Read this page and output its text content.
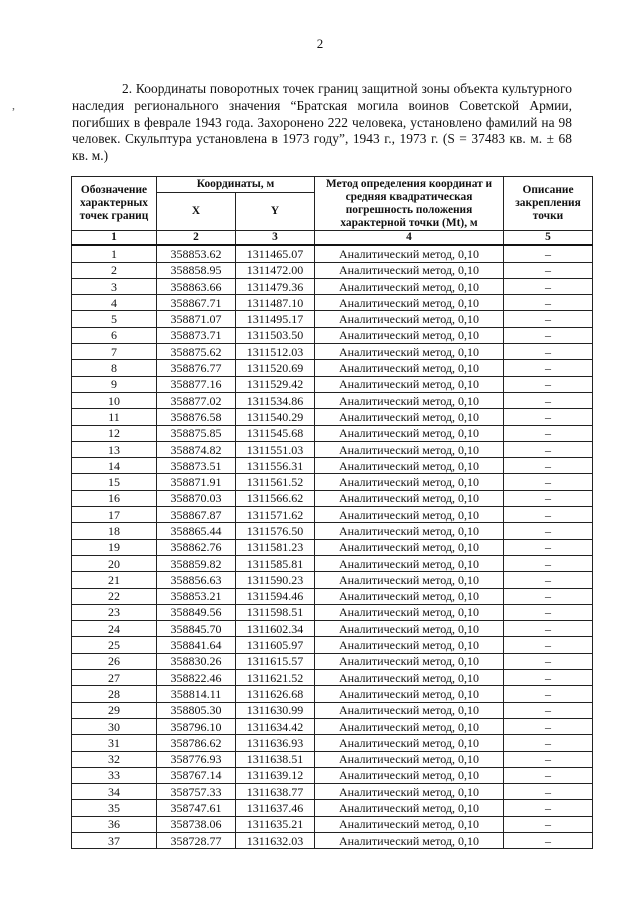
2
,

2. Координаты поворотных точек границ защитной зоны объекта культурного наследия регионального значения “Братская могила воинов Советской Армии, погибших в феврале 1943 года. Захоронено 222 человека, установлено фамилий на 98 человек. Скульптура установлена в 1973 году”, 1943 г., 1973 г. (S = 37483 кв. м. ± 68 кв. м.)

Обозначение характерных точек границ	Координаты, м		Метод определения координат и средняя квадратическая погрешность положения характерной точки (Мt), м	Описание закрепления точки
	X	Y		
1	2	3	4	5
1	358853.62	1311465.07	Аналитический метод, 0,10	–
2	358858.95	1311472.00	Аналитический метод, 0,10	–
3	358863.66	1311479.36	Аналитический метод, 0,10	–
4	358867.71	1311487.10	Аналитический метод, 0,10	–
5	358871.07	1311495.17	Аналитический метод, 0,10	–
6	358873.71	1311503.50	Аналитический метод, 0,10	–
7	358875.62	1311512.03	Аналитический метод, 0,10	–
8	358876.77	1311520.69	Аналитический метод, 0,10	–
9	358877.16	1311529.42	Аналитический метод, 0,10	–
10	358877.02	1311534.86	Аналитический метод, 0,10	–
11	358876.58	1311540.29	Аналитический метод, 0,10	–
12	358875.85	1311545.68	Аналитический метод, 0,10	–
13	358874.82	1311551.03	Аналитический метод, 0,10	–
14	358873.51	1311556.31	Аналитический метод, 0,10	–
15	358871.91	1311561.52	Аналитический метод, 0,10	–
16	358870.03	1311566.62	Аналитический метод, 0,10	–
17	358867.87	1311571.62	Аналитический метод, 0,10	–
18	358865.44	1311576.50	Аналитический метод, 0,10	–
19	358862.76	1311581.23	Аналитический метод, 0,10	–
20	358859.82	1311585.81	Аналитический метод, 0,10	–
21	358856.63	1311590.23	Аналитический метод, 0,10	–
22	358853.21	1311594.46	Аналитический метод, 0,10	–
23	358849.56	1311598.51	Аналитический метод, 0,10	–
24	358845.70	1311602.34	Аналитический метод, 0,10	–
25	358841.64	1311605.97	Аналитический метод, 0,10	–
26	358830.26	1311615.57	Аналитический метод, 0,10	–
27	358822.46	1311621.52	Аналитический метод, 0,10	–
28	358814.11	1311626.68	Аналитический метод, 0,10	–
29	358805.30	1311630.99	Аналитический метод, 0,10	–
30	358796.10	1311634.42	Аналитический метод, 0,10	–
31	358786.62	1311636.93	Аналитический метод, 0,10	–
32	358776.93	1311638.51	Аналитический метод, 0,10	–
33	358767.14	1311639.12	Аналитический метод, 0,10	–
34	358757.33	1311638.77	Аналитический метод, 0,10	–
35	358747.61	1311637.46	Аналитический метод, 0,10	–
36	358738.06	1311635.21	Аналитический метод, 0,10	–
37	358728.77	1311632.03	Аналитический метод, 0,10	–
